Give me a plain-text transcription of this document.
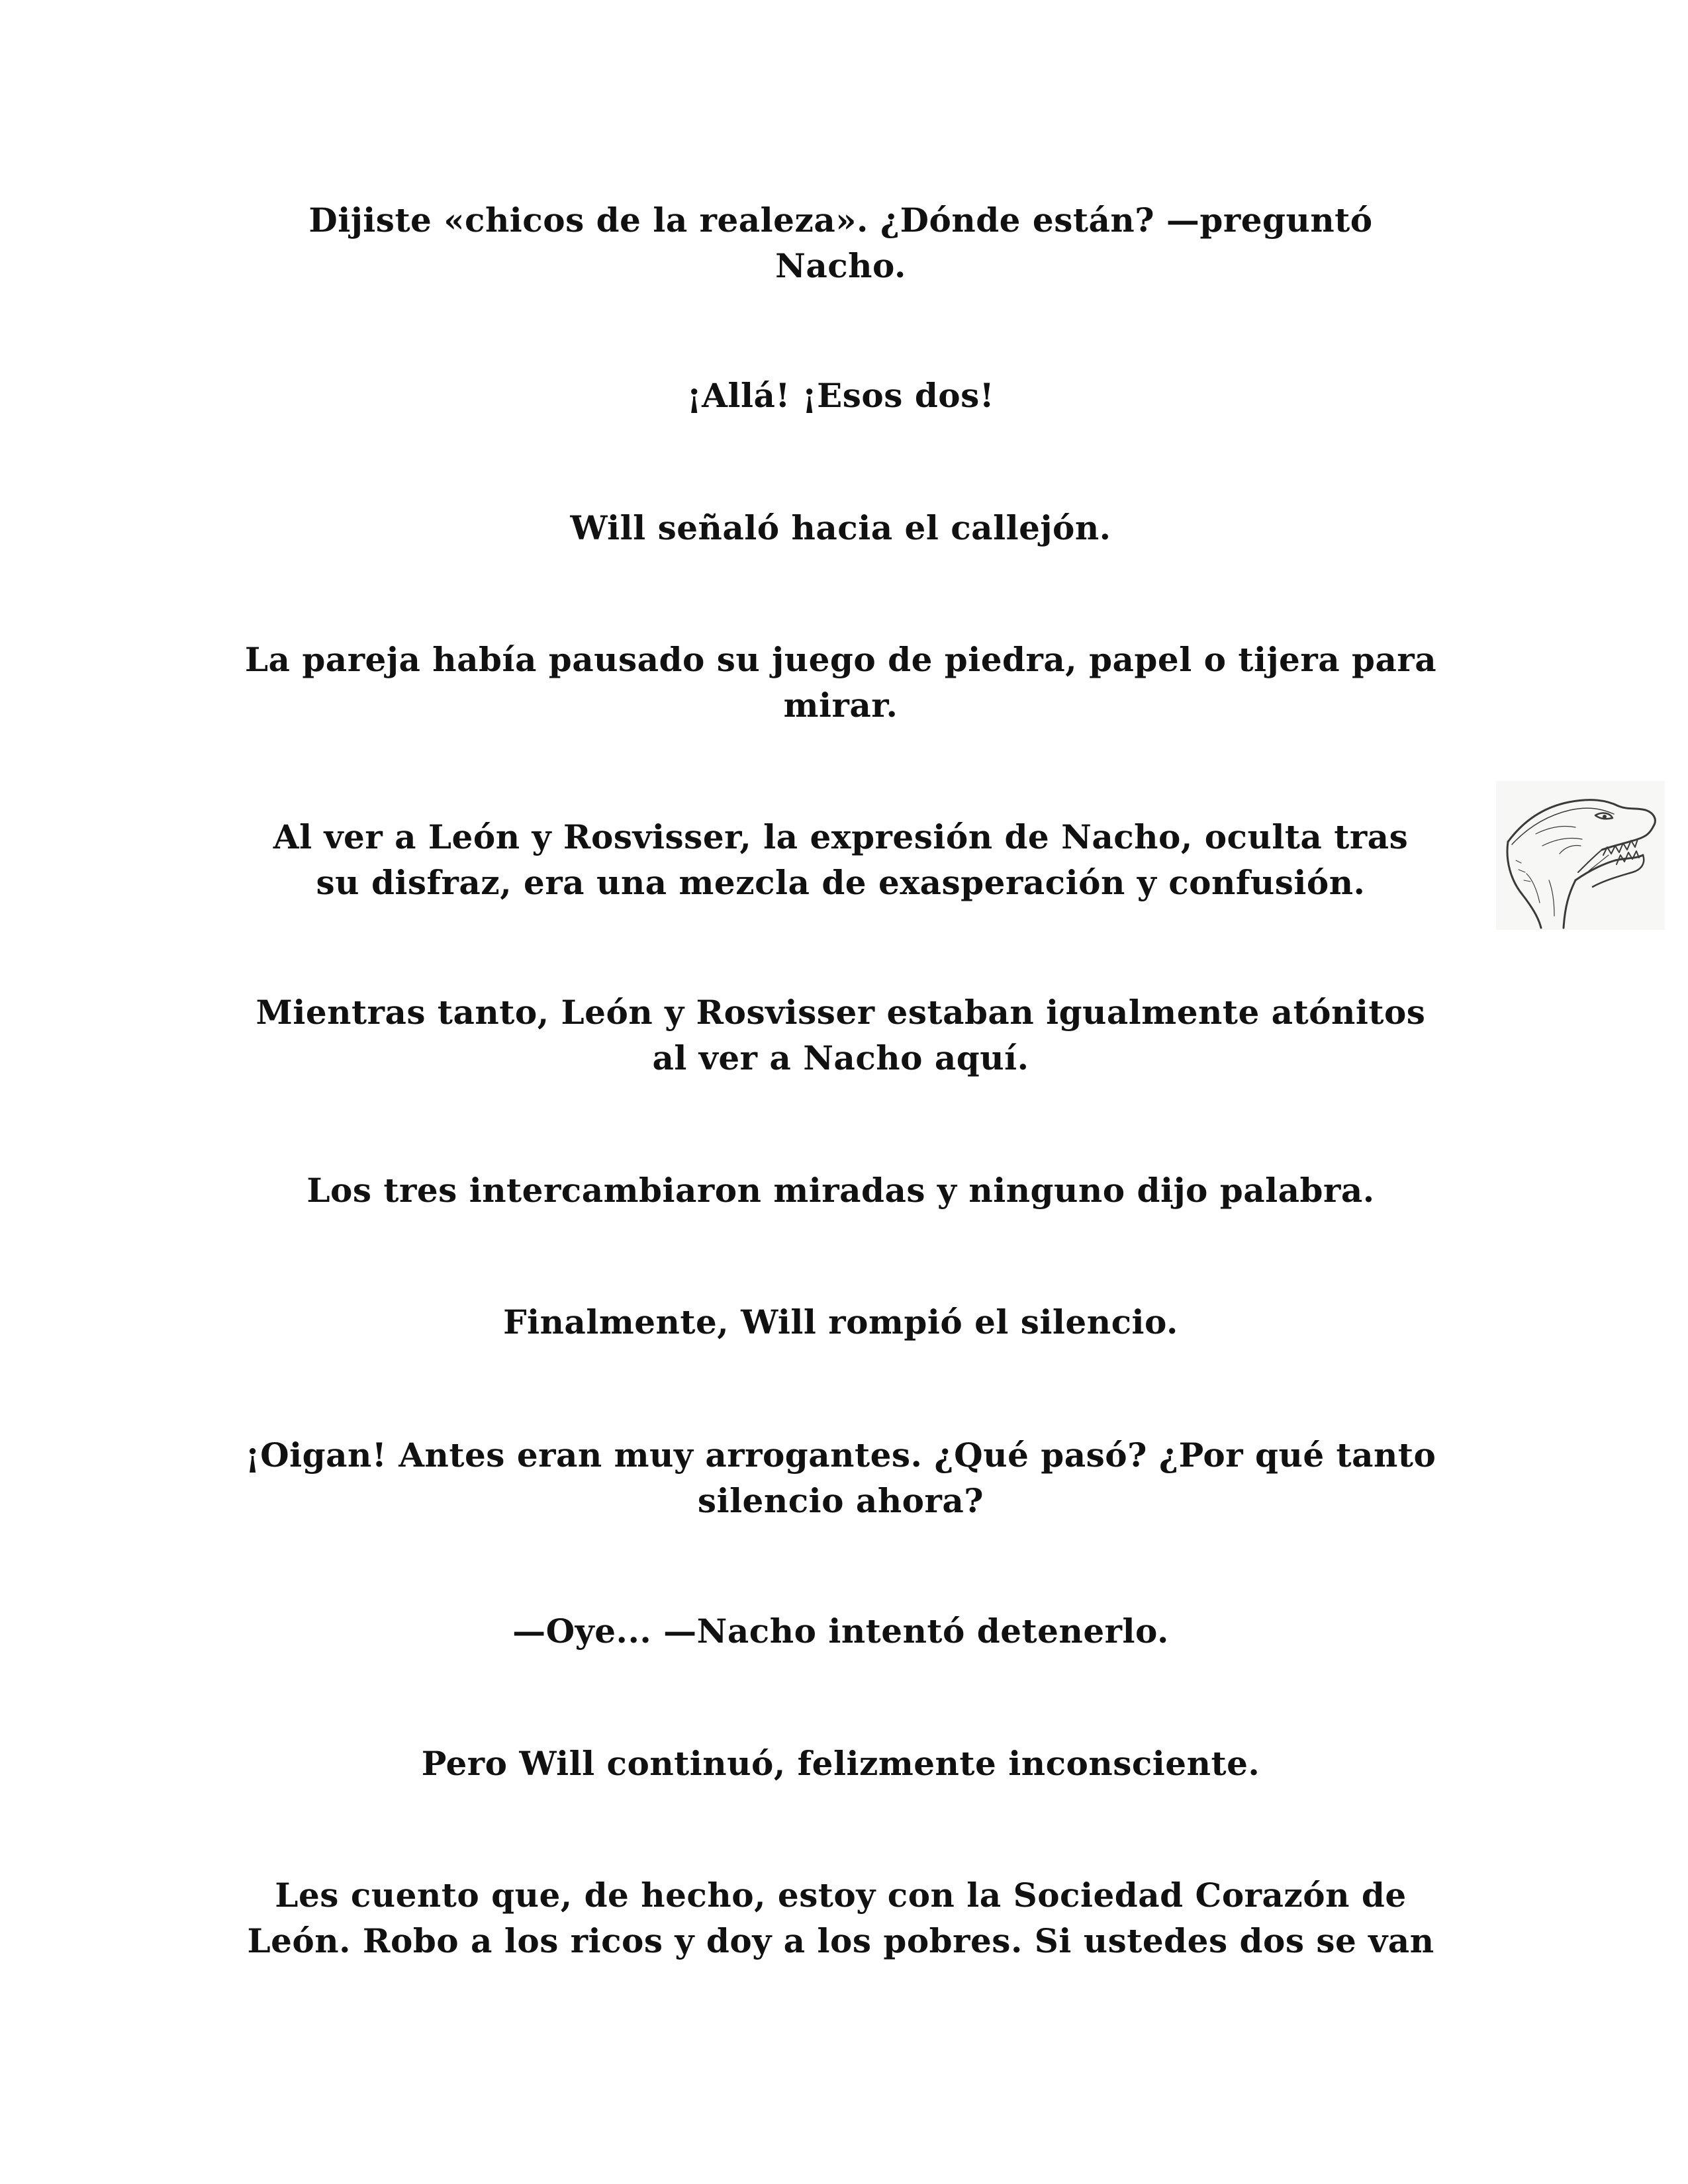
Dijiste «chicos de la realeza». ¿Dónde están? —preguntó
Nacho.

¡Allá! ¡Esos dos!

Will señaló hacia el callejón.

La pareja había pausado su juego de piedra, papel o tijera para
mirar.

Al ver a León y Rosvisser, la expresión de Nacho, oculta tras
su disfraz, era una mezcla de exasperación y confusión.

Mientras tanto, León y Rosvisser estaban igualmente atónitos
al ver a Nacho aquí.

Los tres intercambiaron miradas y ninguno dijo palabra.

Finalmente, Will rompió el silencio.

¡Oigan! Antes eran muy arrogantes. ¿Qué pasó? ¿Por qué tanto
silencio ahora?

—Oye... —Nacho intentó detenerlo.

Pero Will continuó, felizmente inconsciente.

Les cuento que, de hecho, estoy con la Sociedad Corazón de
León. Robo a los ricos y doy a los pobres. Si ustedes dos se van
